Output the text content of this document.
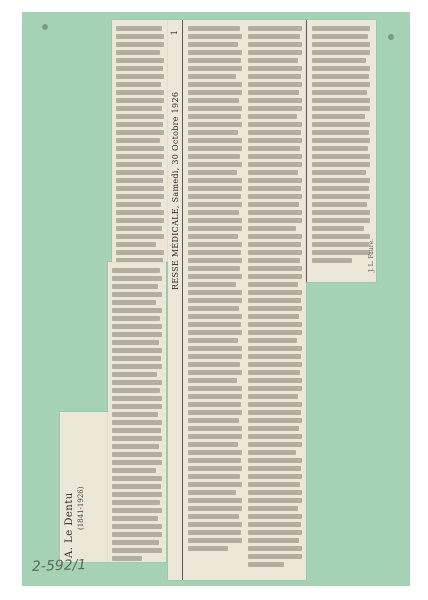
A. Le Dentu (1841-1926)
RESSE MÉDICALE, Samedi, 30 Octobre 1926
1
J. L. Faure.
2-592/1
